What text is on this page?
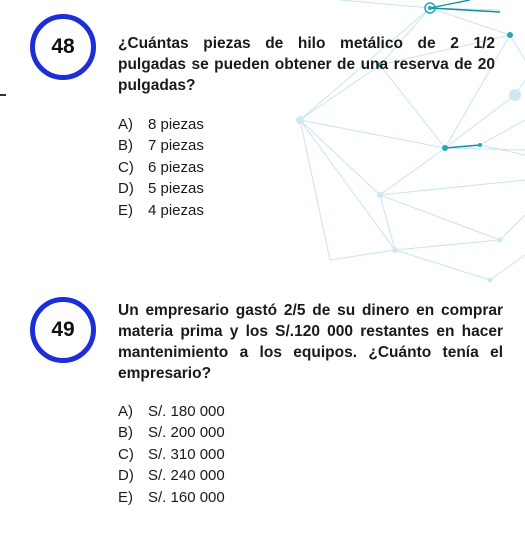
48	¿Cuántas piezas de hilo metálico de 2 1/2 pulgadas se pueden obtener de una reserva de 20 pulgadas?
A) 8 piezas
B) 7 piezas
C) 6 piezas
D) 5 piezas
E) 4 piezas
49
Un empresario gastó 2/5 de su dinero en comprar materia prima y los S/.120 000 restantes en hacer mantenimiento a los equipos. ¿Cuánto tenía el empresario?
A) S/. 180 000
B) S/. 200 000
C) S/. 310 000
D) S/. 240 000
E) S/. 160 000
